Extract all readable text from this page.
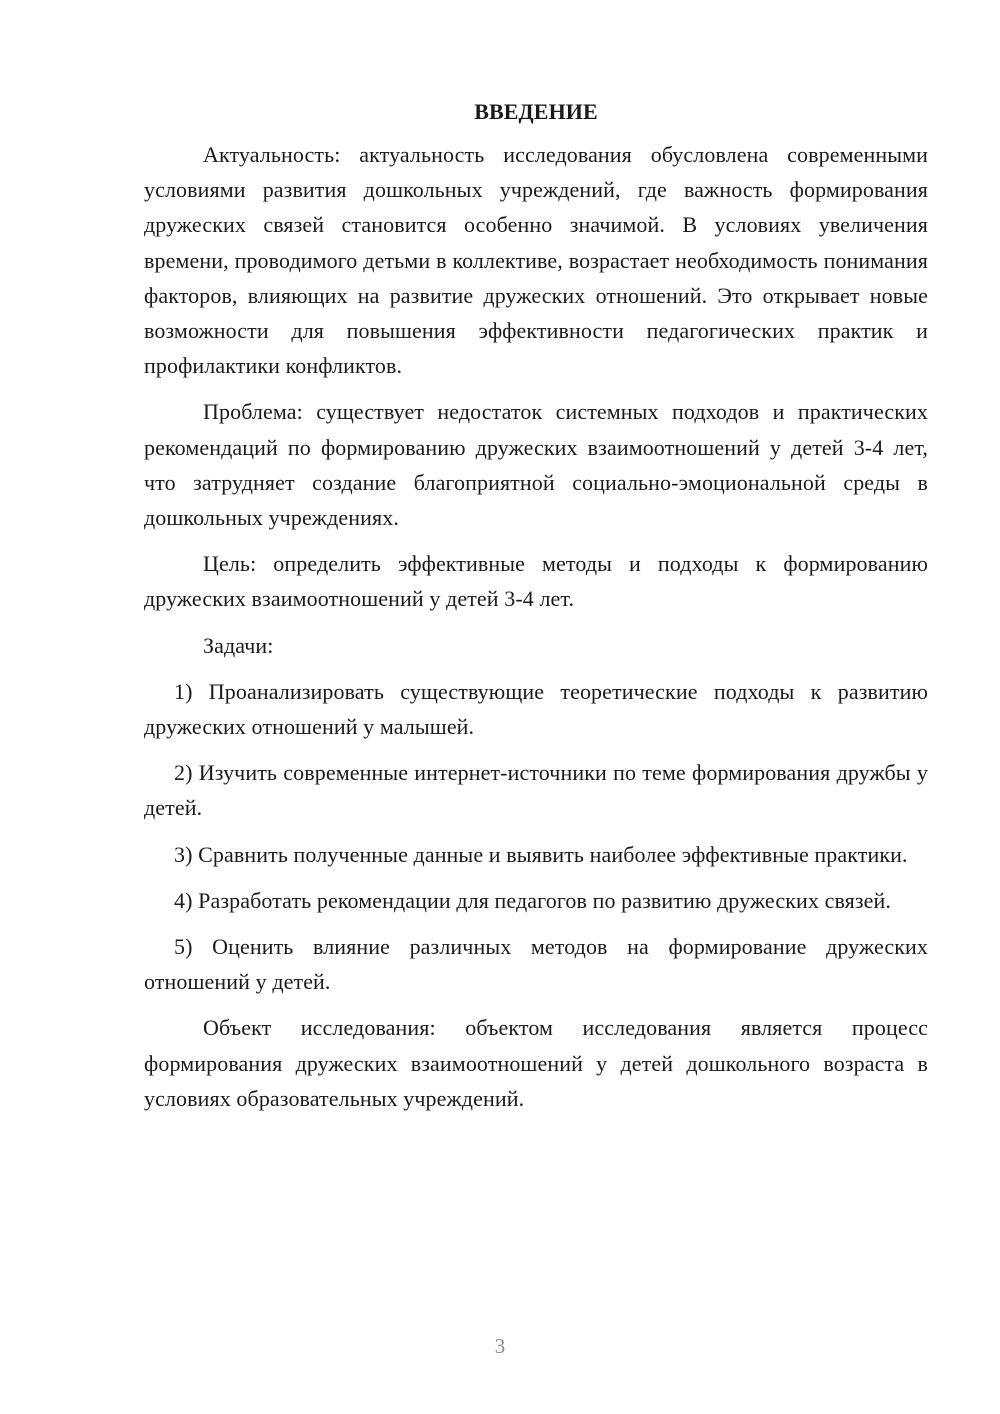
ВВЕДЕНИЕ

Актуальность: актуальность исследования обусловлена современными условиями развития дошкольных учреждений, где важность формирования дружеских связей становится особенно значимой. В условиях увеличения времени, проводимого детьми в коллективе, возрастает необходимость понимания факторов, влияющих на развитие дружеских отношений. Это открывает новые возможности для повышения эффективности педагогических практик и профилактики конфликтов.

Проблема: существует недостаток системных подходов и практических рекомендаций по формированию дружеских взаимоотношений у детей 3-4 лет, что затрудняет создание благоприятной социально-эмоциональной среды в дошкольных учреждениях.

Цель: определить эффективные методы и подходы к формированию дружеских взаимоотношений у детей 3-4 лет.

Задачи:

1) Проанализировать существующие теоретические подходы к развитию дружеских отношений у малышей.

2) Изучить современные интернет-источники по теме формирования дружбы у детей.

3) Сравнить полученные данные и выявить наиболее эффективные практики.

4) Разработать рекомендации для педагогов по развитию дружеских связей.

5) Оценить влияние различных методов на формирование дружеских отношений у детей.

Объект исследования: объектом исследования является процесс формирования дружеских взаимоотношений у детей дошкольного возраста в условиях образовательных учреждений.

3
